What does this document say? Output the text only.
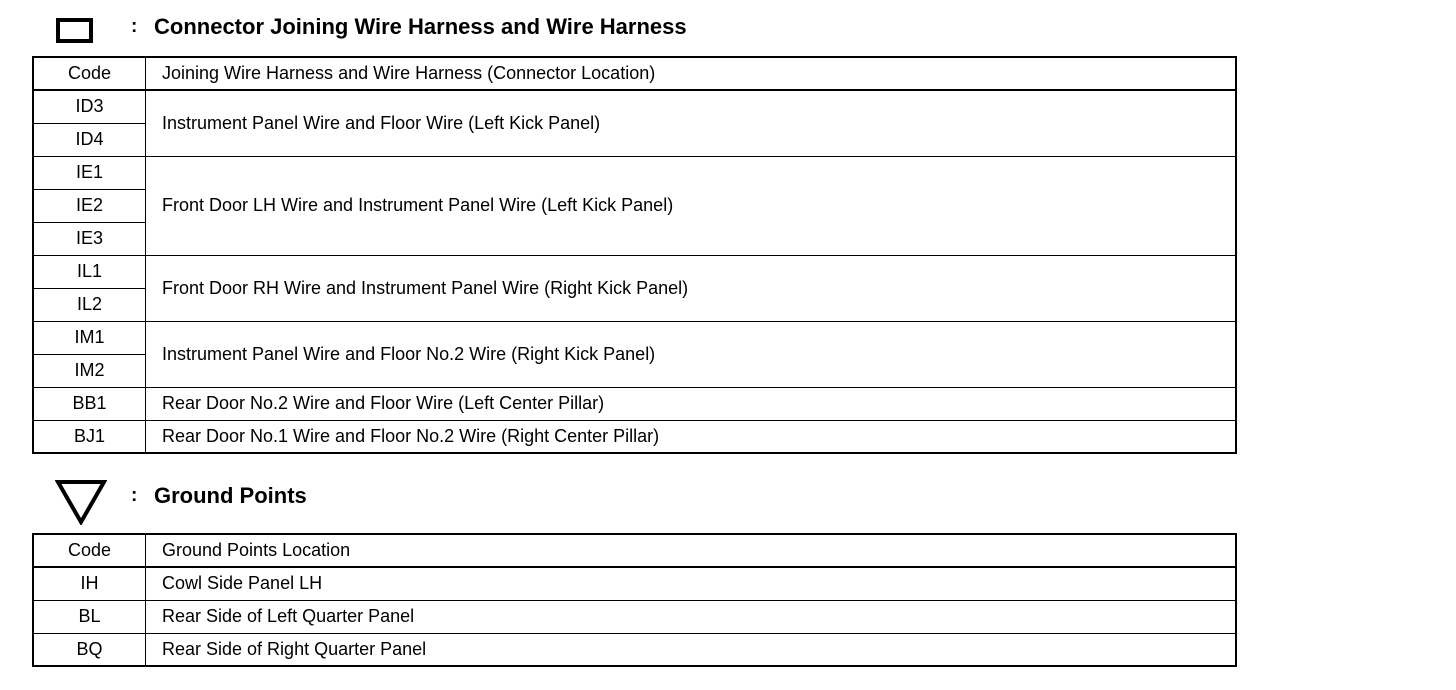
: Connector Joining Wire Harness and Wire Harness
Code	Joining Wire Harness and Wire Harness (Connector Location)
ID3	Instrument Panel Wire and Floor Wire (Left Kick Panel)
ID4	
IE1	Front Door LH Wire and Instrument Panel Wire (Left Kick Panel)
IE2	
IE3	
IL1	Front Door RH Wire and Instrument Panel Wire (Right Kick Panel)
IL2	
IM1	Instrument Panel Wire and Floor No.2 Wire (Right Kick Panel)
IM2	
BB1	Rear Door No.2 Wire and Floor Wire (Left Center Pillar)
BJ1	Rear Door No.1 Wire and Floor No.2 Wire (Right Center Pillar)
: Ground Points
Code	Ground Points Location
IH	Cowl Side Panel LH
BL	Rear Side of Left Quarter Panel
BQ	Rear Side of Right Quarter Panel
